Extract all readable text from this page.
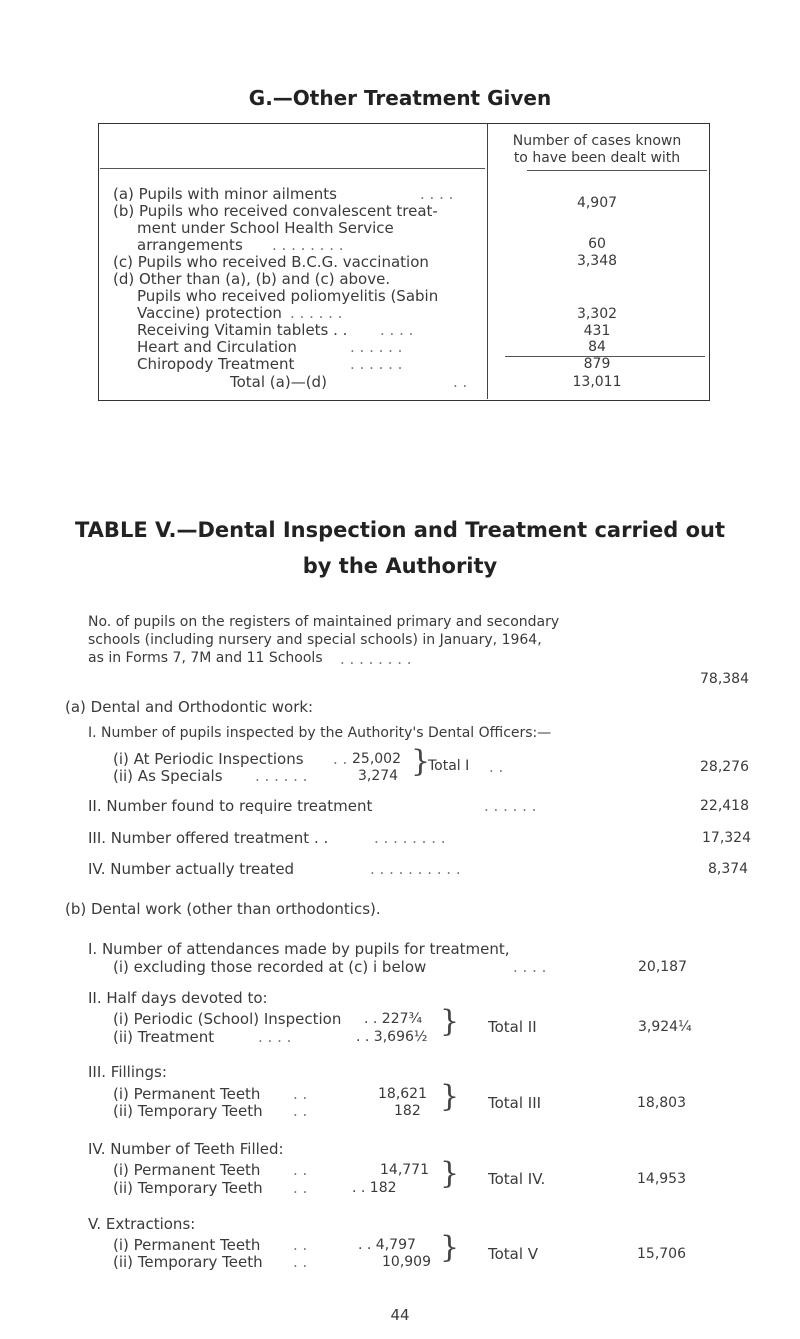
G.—Other Treatment Given
Number of cases known
to have been dealt with
(a) Pupils with minor ailments	. . . .	4,907
(b) Pupils who received convalescent treat-
ment under School Health Service
arrangements . . . . . . . .	60
(c) Pupils who received B.C.G. vaccination	3,348
(d) Other than (a), (b) and (c) above.
Pupils who received poliomyelitis (Sabin
Vaccine) protection . . . . . .	3,302
Receiving Vitamin tablets . . . . . .	431
Heart and Circulation	. . . . . .	84
Chiropody Treatment	. . . . . .	879
Total (a)—(d)	. .	13,011
TABLE V.—Dental Inspection and Treatment carried out
by the Authority
No. of pupils on the registers of maintained primary and secondary
schools (including nursery and special schools) in January, 1964,
as in Forms 7, 7M and 11 Schools . . . . . . . .
78,384
(a) Dental and Orthodontic work:
I. Number of pupils inspected by the Authority's Dental Officers:—
(i) At Periodic Inspections . . 25,002
(ii) As Specials . . . . . .	3,274 }
Total I . .	28,276
II. Number found to require treatment	. . . . . .	22,418
III. Number offered treatment . .	. . . . . . . .	17,324
IV. Number actually treated	. . . . . . . . . .	8,374
(b) Dental work (other than orthodontics).
I. Number of attendances made by pupils for treatment,
(i) excluding those recorded at (c) i below	. . . .	20,187
II. Half days devoted to:
(i) Periodic (School) Inspection . . 227¾
(ii) Treatment	. . . .	. . 3,696½ } Total II	3,924¼
III. Fillings:
(i) Permanent Teeth . .	18,621
(ii) Temporary Teeth . .	182 } Total III	18,803
IV. Number of Teeth Filled:
(i) Permanent Teeth . .	14,771
(ii) Temporary Teeth . .	. . 182 } Total IV.	14,953
V. Extractions:
(i) Permanent Teeth . .	. . 4,797
(ii) Temporary Teeth . .	10,909 } Total V	15,706
44
